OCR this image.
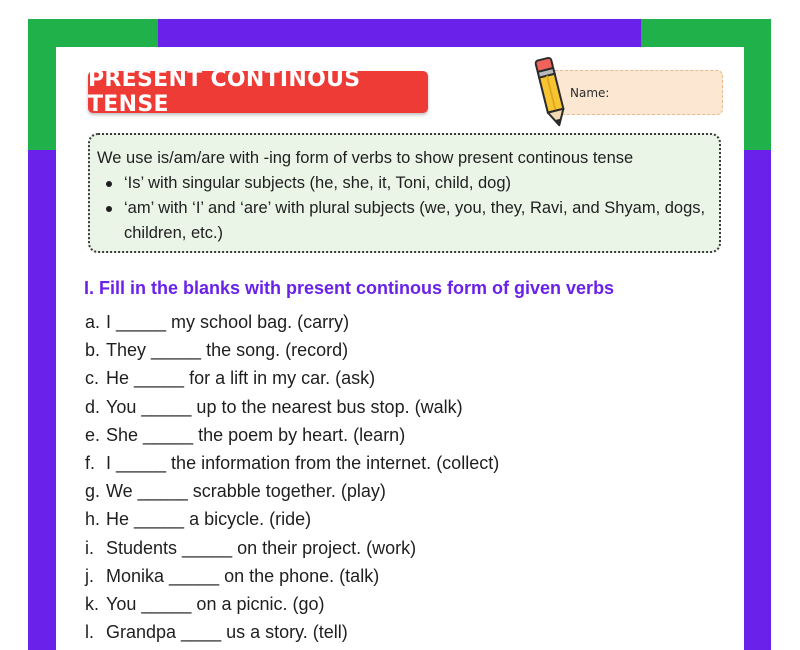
PRESENT CONTINOUS TENSE	Name:
We use is/am/are with -ing form of verbs to show present continous tense
‘Is’ with singular subjects (he, she, it, Toni, child, dog)
‘am’ with ‘I’ and ‘are’ with plural subjects (we, you, they, Ravi, and Shyam, dogs, children, etc.)
I. Fill in the blanks with present continous form of given verbs
a. I _____ my school bag. (carry)
b. They _____ the song. (record)
c. He _____ for a lift in my car. (ask)
d. You _____ up to the nearest bus stop. (walk)
e. She _____ the poem by heart. (learn)
f. I _____ the information from the internet. (collect)
g. We _____ scrabble together. (play)
h. He _____ a bicycle. (ride)
i. Students _____ on their project. (work)
j. Monika _____ on the phone. (talk)
k. You _____ on a picnic. (go)
l. Grandpa ____ us a story. (tell)
